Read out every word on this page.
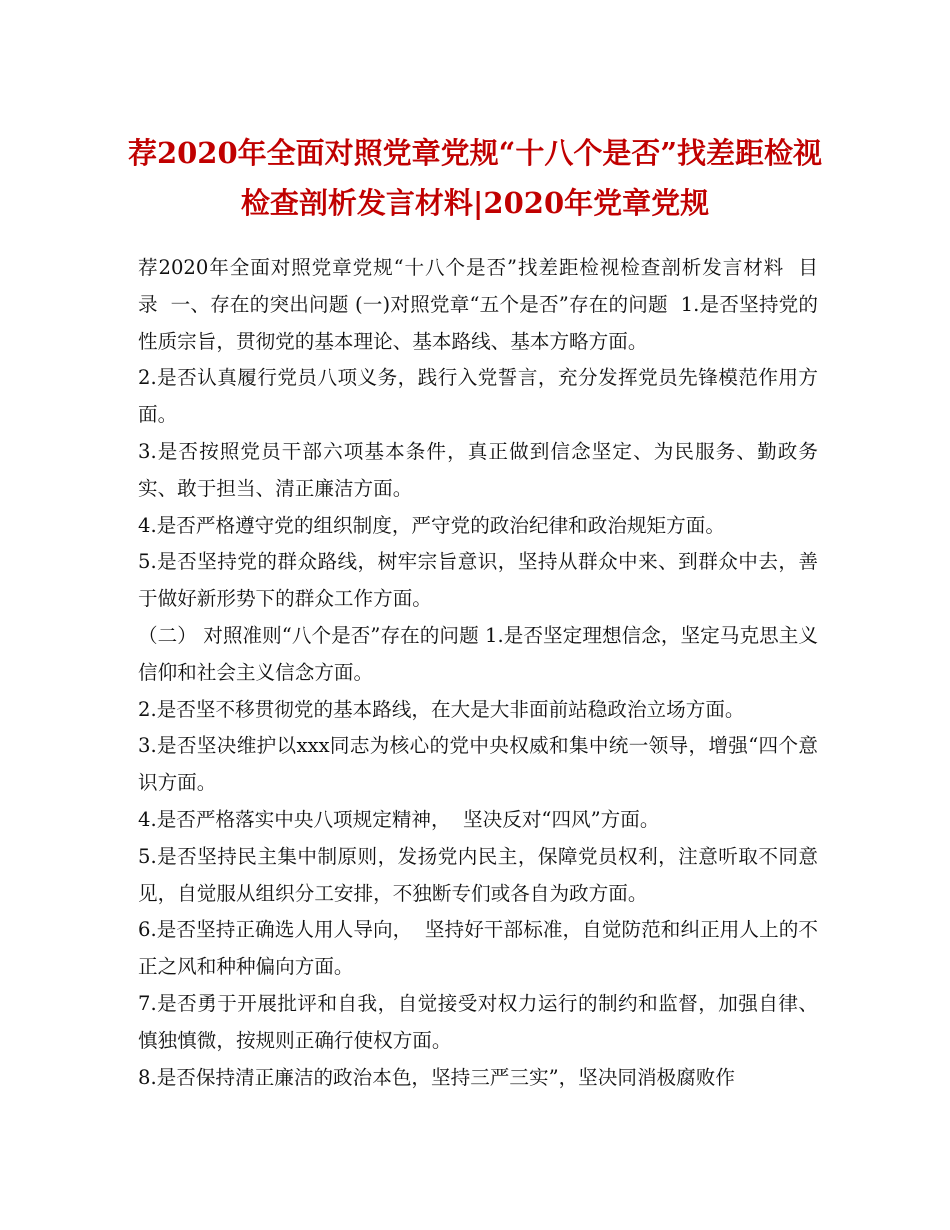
荐2020年全面对照党章党规“十八个是否”找差距检视检查剖析发言材料|2020年党章党规

荐2020年全面对照党章党规“十八个是否”找差距检视检查剖析发言材料  目  录  一、存在的突出问题 (一)对照党章“五个是否”存在的问题  1.是否坚持党的性质宗旨，贯彻党的基本理论、基本路线、基本方略方面。

2.是否认真履行党员八项义务，践行入党誓言，充分发挥党员先锋模范作用方面。

3.是否按照党员干部六项基本条件，真正做到信念坚定、为民服务、勤政务实、敢于担当、清正廉洁方面。

4.是否严格遵守党的组织制度，严守党的政治纪律和政治规矩方面。

5.是否坚持党的群众路线，树牢宗旨意识，坚持从群众中来、到群众中去，善于做好新形势下的群众工作方面。

（二） 对照准则“八个是否”存在的问题 1.是否坚定理想信念，坚定马克思主义信仰和社会主义信念方面。

2.是否坚不移贯彻党的基本路线，在大是大非面前站稳政治立场方面。

3.是否坚决维护以xxx同志为核心的党中央权威和集中统一领导，增强“四个意识方面。

4.是否严格落实中央八项规定精神，  坚决反对“四风”方面。

5.是否坚持民主集中制原则，发扬党内民主，保障党员权利，注意听取不同意见，自觉服从组织分工安排，不独断专们或各自为政方面。

6.是否坚持正确选人用人导向，  坚持好干部标准，自觉防范和纠正用人上的不正之风和种种偏向方面。

7.是否勇于开展批评和自我，自觉接受对权力运行的制约和监督，加强自律、慎独慎微，按规则正确行使权方面。

8.是否保持清正廉洁的政治本色，坚持三严三实”，坚决同消极腐败作
